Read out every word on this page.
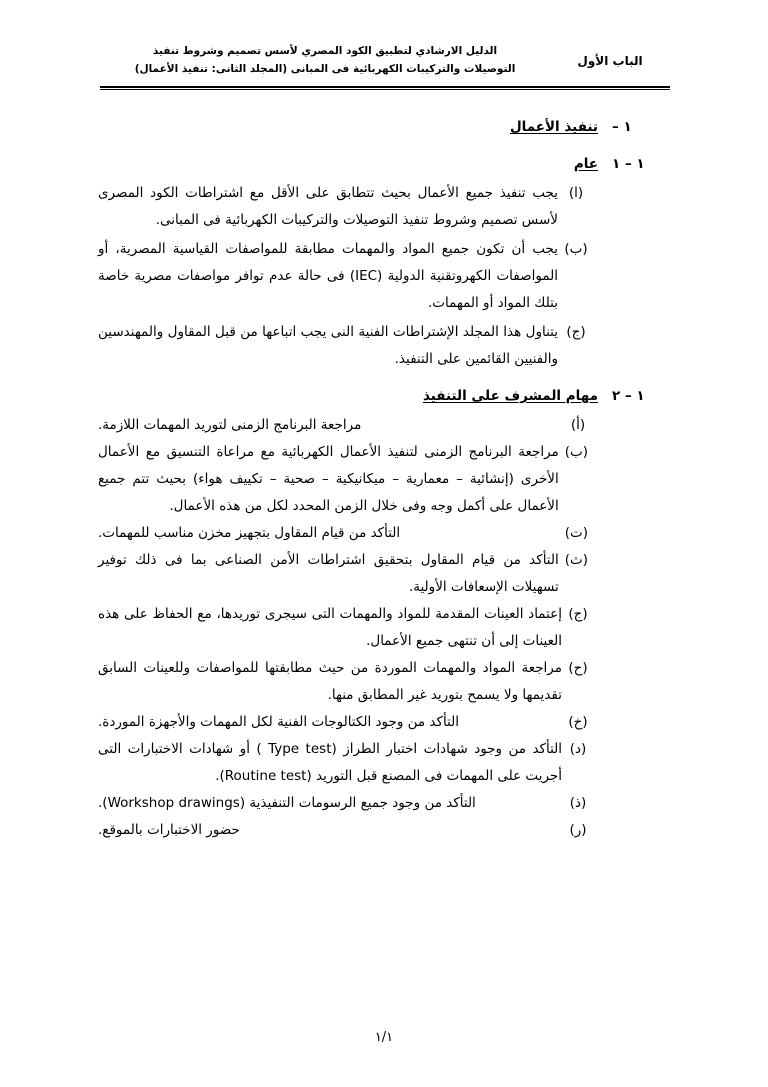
الدليل الارشادي لتطبيق الكود المصري لأسس تصميم وشروط تنفيذ
التوصيلات والتركيبات الكهربائية فى المبانى (المجلد الثانى: تنفيذ الأعمال)
الباب الأول
١ –
تنفيذ الأعمال
١ – ١
عام
(ا)
يجب تنفيذ جميع الأعمال بحيث تتطابق على الأقل مع اشتراطات الكود المصرى لأسس تصميم وشروط تنفيذ التوصيلات والتركيبات الكهربائية فى المبانى.
(ب)
يجب أن تكون جميع المواد والمهمات مطابقة للمواصفات القياسية المصرية، أو المواصفات الكهروتقنية الدولية (IEC) فى حالة عدم توافر مواصفات مصرية خاصة بتلك المواد أو المهمات.
(ج)
يتناول هذا المجلد الإشتراطات الفنية النى يجب اتباعها من قبل المقاول والمهندسين والفنيين القائمين على التنفيذ.
١ – ٢
مهام المشرف على التنفيذ
(أ)
مراجعة البرنامج الزمنى لتوريد المهمات اللازمة.
(ب)
مراجعة البرنامج الزمنى لتنفيذ الأعمال الكهربائية مع مراعاة التنسيق مع الأعمال الأخرى (إنشائية – معمارية – ميكانيكية – صحية – تكييف هواء) بحيث تتم جميع الأعمال على أكمل وجه وفى خلال الزمن المحدد لكل من هذه الأعمال.
(ت)
التأكد من قيام المقاول بتجهيز مخزن مناسب للمهمات.
(ث)
التأكد من قيام المقاول بتحقيق اشتراطات الأمن الصناعى بما فى ذلك توفير تسهيلات الإسعافات الأولية.
(ج)
إعتماد العينات المقدمة للمواد والمهمات التى سيجرى توريدها، مع الحفاظ على هذه العينات إلى أن تنتهى جميع الأعمال.
(ح)
مراجعة المواد والمهمات الموردة من حيث مطابقتها للمواصفات وللعينات السابق تقديمها ولا يسمح بتوريد غير المطابق منها.
(خ)
التأكد من وجود الكتالوجات الفنية لكل المهمات والأجهزة الموردة.
(د)
التأكد من وجود شهادات اختبار الطراز (Type test ) أو شهادات الاختبارات التى أجريت على المهمات فى المصنع قبل التوريد (Routine test).
(ذ)
التأكد من وجود جميع الرسومات التنفيذية (Workshop drawings).
(ر)
حضور الاختبارات بالموقع.
١/١
